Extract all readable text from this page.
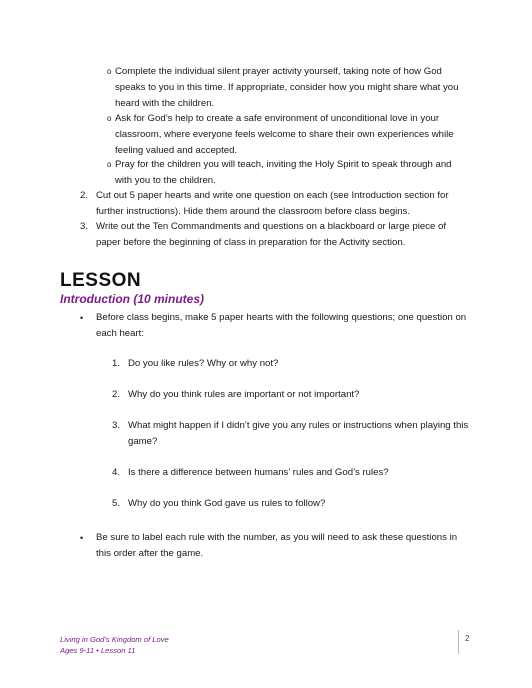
o Complete the individual silent prayer activity yourself, taking note of how God
speaks to you in this time. If appropriate, consider how you might share what you
heard with the children.
o Ask for God’s help to create a safe environment of unconditional love in your
classroom, where everyone feels welcome to share their own experiences while
feeling valued and accepted.
o Pray for the children you will teach, inviting the Holy Spirit to speak through and
with you to the children.
2. Cut out 5 paper hearts and write one question on each (see Introduction section for
further instructions). Hide them around the classroom before class begins.
3. Write out the Ten Commandments and questions on a blackboard or large piece of
paper before the beginning of class in preparation for the Activity section.
LESSON
Introduction (10 minutes)
• Before class begins, make 5 paper hearts with the following questions; one question on
each heart:
1. Do you like rules? Why or why not?
2. Why do you think rules are important or not important?
3. What might happen if I didn’t give you any rules or instructions when playing this
game?
4. Is there a difference between humans’ rules and God’s rules?
5. Why do you think God gave us rules to follow?
• Be sure to label each rule with the number, as you will need to ask these questions in
this order after the game.
Living in God’s Kingdom of Love
Ages 9-11 • Lesson 11
2
